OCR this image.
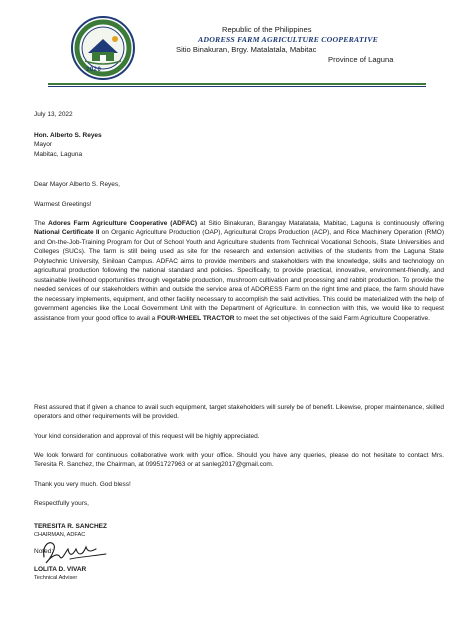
2020
Republic of the Philippines
ADORESS FARM AGRICULTURE COOPERATIVE
Sitio Binakuran, Brgy. Matalatala, Mabitac
Province of Laguna
July 13, 2022
Hon. Alberto S. Reyes
Mayor
Mabitac, Laguna
Dear Mayor Alberto S. Reyes,
Warmest Greetings!
The Adores Farm Agriculture Cooperative (ADFAC) at Sitio Binakuran, Barangay Matalatala, Mabitac, Laguna is continuously offering National Certificate II on Organic Agriculture Production (OAP), Agricultural Crops Production (ACP), and Rice Machinery Operation (RMO) and On-the-Job-Training Program for Out of School Youth and Agriculture students from Technical Vocational Schools, State Universities and Colleges (SUCs). The farm is still being used as site for the research and extension activities of the students from the Laguna State Polytechnic University, Siniloan Campus. ADFAC aims to provide members and stakeholders with the knowledge, skills and technology on agricultural production following the national standard and policies. Specifically, to provide practical, innovative, environment-friendly, and sustainable livelihood opportunities through vegetable production, mushroom cultivation and processing and rabbit production. To provide the needed services of our stakeholders within and outside the service area of ADORESS Farm on the right time and place, the farm should have the necessary implements, equipment, and other facility necessary to accomplish the said activities. This could be materialized with the help of government agencies like the Local Government Unit with the Department of Agriculture. In connection with this, we would like to request assistance from your good office to avail a FOUR-WHEEL TRACTOR to meet the set objectives of the said Farm Agriculture Cooperative.
Rest assured that if given a chance to avail such equipment, target stakeholders will surely be of benefit. Likewise, proper maintenance, skilled operators and other requirements will be provided.
Your kind consideration and approval of this request will be highly appreciated.
We look forward for continuous collaborative work with your office. Should you have any queries, please do not hesitate to contact Mrs. Teresita R. Sanchez, the Chairman, at 09951727963 or at sanleg2017@gmail.com.
Thank you very much. God bless!
Respectfully yours,
TERESITA R. SANCHEZ
CHAIRMAN, ADFAC
Noted:
LOLITA D. VIVAR
Technical Adviser
